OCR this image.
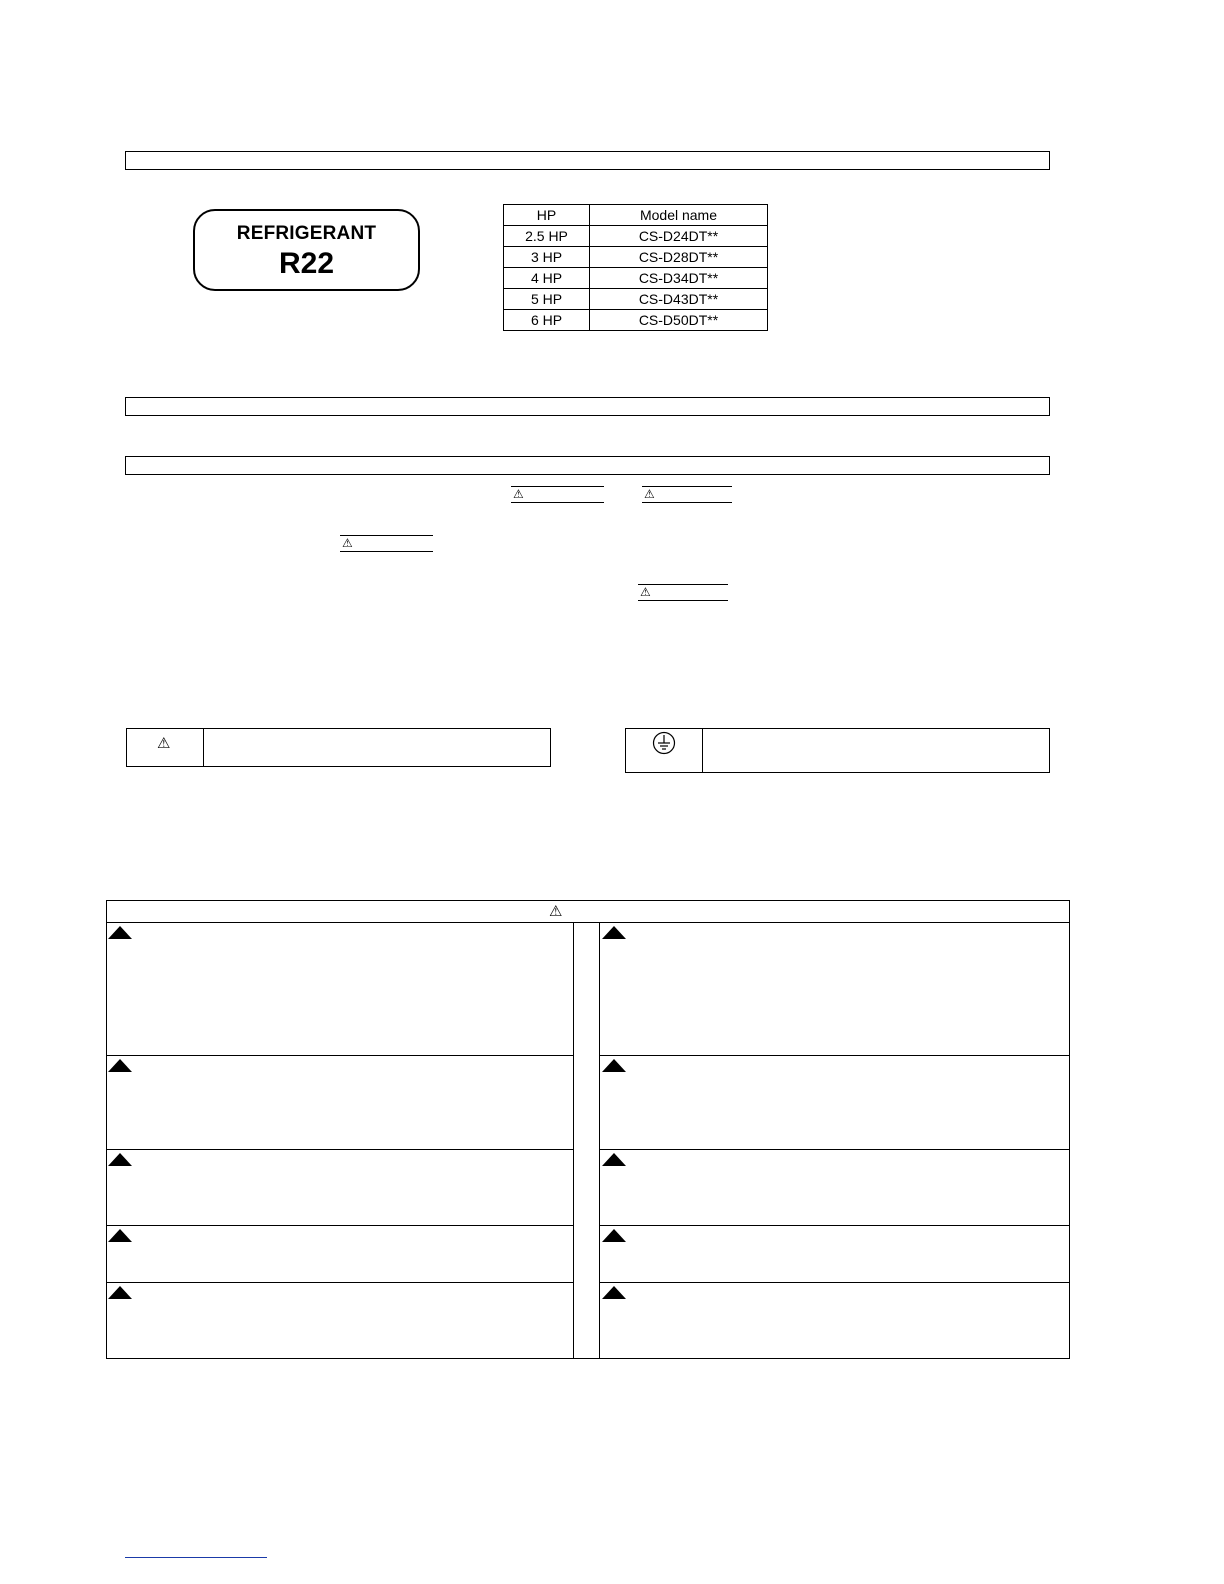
REFRIGERANT
R22
HP	Model name
2.5 HP	CS-D24DT**
3 HP	CS-D28DT**
4 HP	CS-D34DT**
5 HP	CS-D43DT**
6 HP	CS-D50DT**
⚠	⚠
⚠
⚠
⚠
⚠
